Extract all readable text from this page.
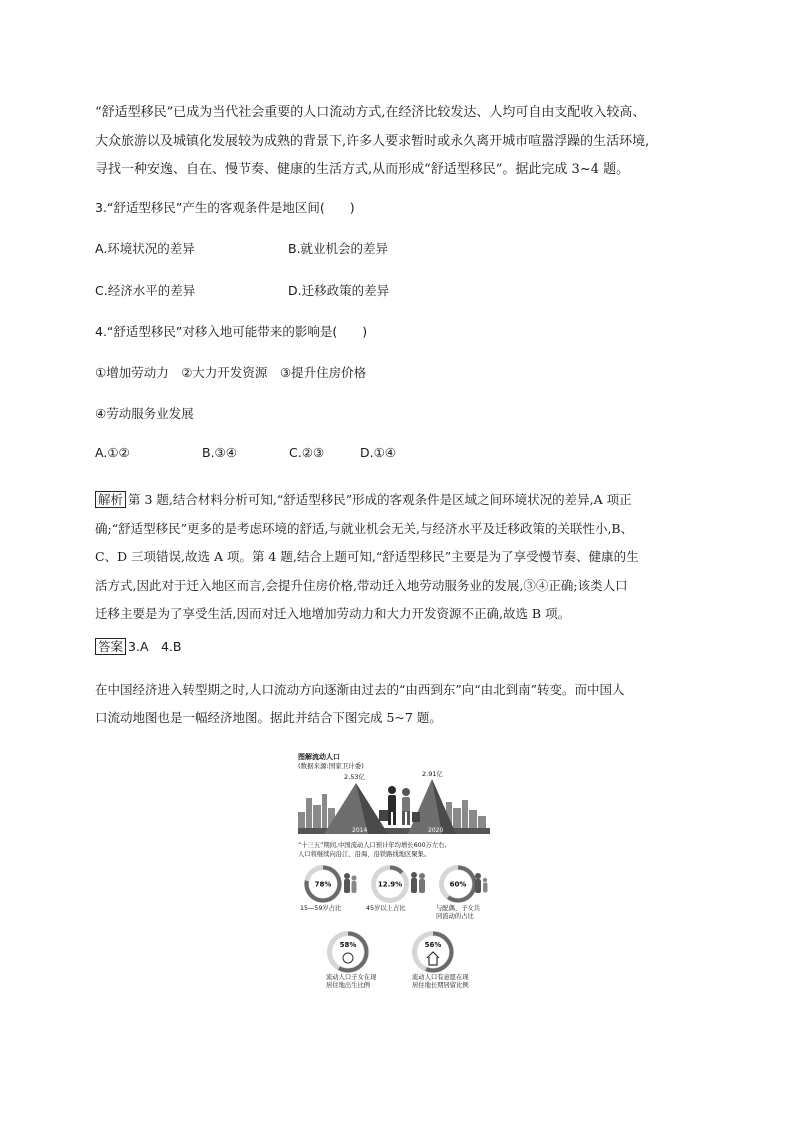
“舒适型移民”已成为当代社会重要的人口流动方式,在经济比较发达、人均可自由支配收入较高、
大众旅游以及城镇化发展较为成熟的背景下,许多人要求暂时或永久离开城市喧嚣浮躁的生活环境,
寻找一种安逸、自在、慢节奏、健康的生活方式,从而形成“舒适型移民”。据此完成 3~4 题。
3.“舒适型移民”产生的客观条件是地区间(　　)
A.环境状况的差异	B.就业机会的差异
C.经济水平的差异	D.迁移政策的差异
4.“舒适型移民”对移入地可能带来的影响是(　　)
①增加劳动力　②大力开发资源　③提升住房价格
④劳动服务业发展
A.①②	B.③④	C.②③	D.①④
解析 第 3 题,结合材料分析可知,“舒适型移民”形成的客观条件是区域之间环境状况的差异,A 项正
确;“舒适型移民”更多的是考虑环境的舒适,与就业机会无关,与经济水平及迁移政策的关联性小,B、
C、D 三项错误,故选 A 项。第 4 题,结合上题可知,“舒适型移民”主要是为了享受慢节奏、健康的生
活方式,因此对于迁入地区而言,会提升住房价格,带动迁入地劳动服务业的发展,③④正确;该类人口
迁移主要是为了享受生活,因而对迁入地增加劳动力和大力开发资源不正确,故选 B 项。
答案 3.A　4.B
在中国经济进入转型期之时,人口流动方向逐渐由过去的“由西到东”向“由北到南”转变。而中国人
口流动地图也是一幅经济地图。据此并结合下图完成 5~7 题。
图解流动人口
(数据来源:国家卫计委)
2.53亿	2.91亿
2014	2020
“十三五”期间,中国流动人口预计年均增长600万左右,
人口将继续向沿江、沿海、沿铁路线地区聚集。
78%	12.9%	60%
58%	56%
15—59岁占比	45岁以上占比	与配偶、子女共
同流动的占比
流动人口子女在现
居住地出生比例
流动人口有意愿在现
居住地长期居留比例
